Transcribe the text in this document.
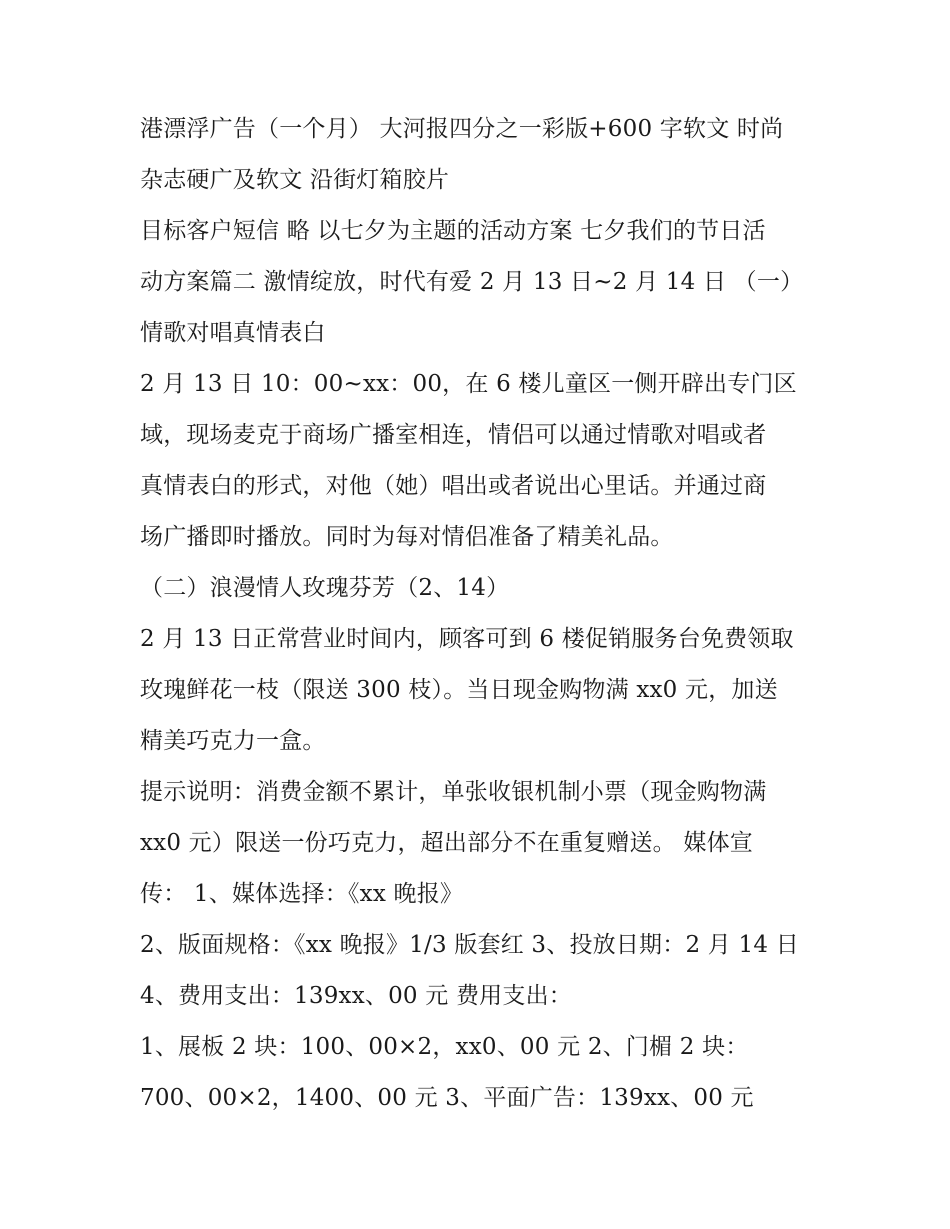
港漂浮广告（一个月） 大河报四分之一彩版+600 字软文 时尚
杂志硬广及软文 沿街灯箱胶片
目标客户短信 略 以七夕为主题的活动方案 七夕我们的节日活
动方案篇二 激情绽放，时代有爱 2 月 13 日~2 月 14 日 （一）
情歌对唱真情表白
2 月 13 日 10：00~xx：00，在 6 楼儿童区一侧开辟出专门区
域，现场麦克于商场广播室相连，情侣可以通过情歌对唱或者
真情表白的形式，对他（她）唱出或者说出心里话。并通过商
场广播即时播放。同时为每对情侣准备了精美礼品。
（二）浪漫情人玫瑰芬芳（2、14）
2 月 13 日正常营业时间内，顾客可到 6 楼促销服务台免费领取
玫瑰鲜花一枝（限送 300 枝）。当日现金购物满 xx0 元，加送
精美巧克力一盒。
提示说明：消费金额不累计，单张收银机制小票（现金购物满
xx0 元）限送一份巧克力，超出部分不在重复赠送。 媒体宣
传： 1、媒体选择：《xx 晚报》
2、版面规格：《xx 晚报》1/3 版套红 3、投放日期：2 月 14 日
4、费用支出：139xx、00 元 费用支出：
1、展板 2 块：100、00×2，xx0、00 元 2、门楣 2 块：
700、00×2，1400、00 元 3、平面广告：139xx、00 元
